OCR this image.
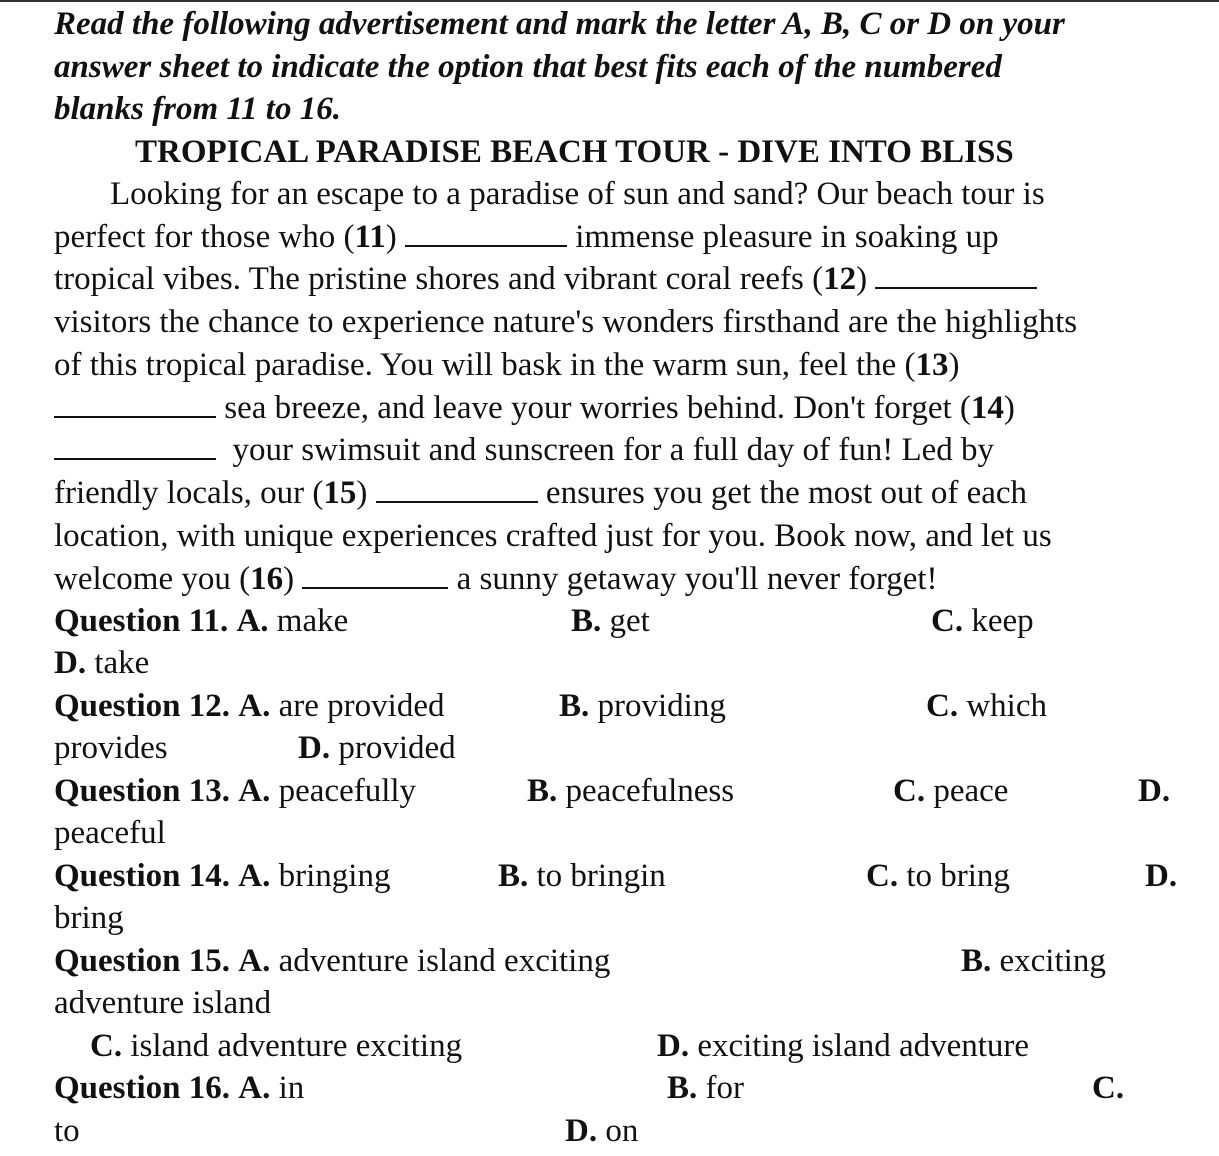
Read the following advertisement and mark the letter A, B, C or D on your
answer sheet to indicate the option that best fits each of the numbered
blanks from 11 to 16.
TROPICAL PARADISE BEACH TOUR - DIVE INTO BLISS
Looking for an escape to a paradise of sun and sand? Our beach tour is
perfect for those who (11)	immense pleasure in soaking up
tropical vibes. The pristine shores and vibrant coral reefs (12)
visitors the chance to experience nature's wonders firsthand are the highlights
of this tropical paradise. You will bask in the warm sun, feel the (13)
sea breeze, and leave your worries behind. Don't forget (14)
your swimsuit and sunscreen for a full day of fun! Led by
friendly locals, our (15)	ensures you get the most out of each
location, with unique experiences crafted just for you. Book now, and let us
welcome you (16)	a sunny getaway you'll never forget!
Question 11. A. make	B. get	C. keep
D. take
Question 12. A. are provided	B. providing	C. which
provides	D. provided
Question 13. A. peacefully	B. peacefulness	C. peace	D.
peaceful
Question 14. A. bringing	B. to bringin	C. to bring	D.
bring
Question 15. A. adventure island exciting	B. exciting
adventure island
C. island adventure exciting	D. exciting island adventure
Question 16. A. in	B. for	C.
to	D. on
